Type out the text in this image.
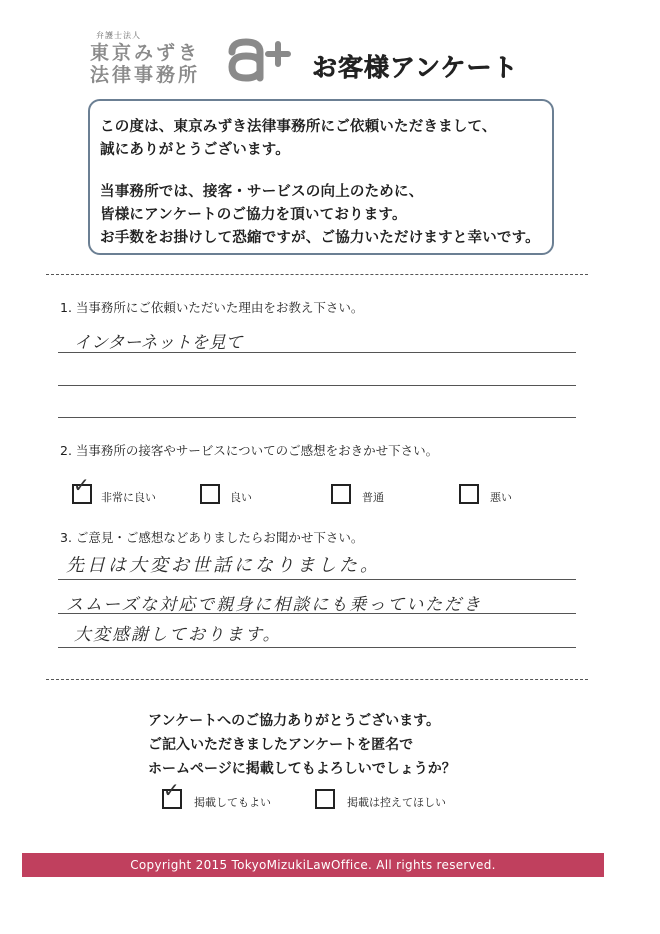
弁護士法人
東京みずき
法律事務所	お客様アンケート
この度は、東京みずき法律事務所にご依頼いただきまして、
誠にありがとうございます。
当事務所では、接客・サービスの向上のために、
皆様にアンケートのご協力を頂いております。
お手数をお掛けして恐縮ですが、ご協力いただけますと幸いです。
1. 当事務所にご依頼いただいた理由をお教え下さい。
インターネットを見て
2. 当事務所の接客やサービスについてのご感想をおきかせ下さい。
✓
非常に良い	良い	普通	悪い
3. ご意見・ご感想などありましたらお聞かせ下さい。
先日は大変お世話になりました。
スムーズな対応で親身に相談にも乗っていただき
大変感謝しております。
アンケートへのご協力ありがとうございます。
ご記入いただきましたアンケートを匿名で
ホームページに掲載してもよろしいでしょうか？
✓
掲載してもよい	掲載は控えてほしい
Copyright 2015 TokyoMizukiLawOffice. All rights reserved.
